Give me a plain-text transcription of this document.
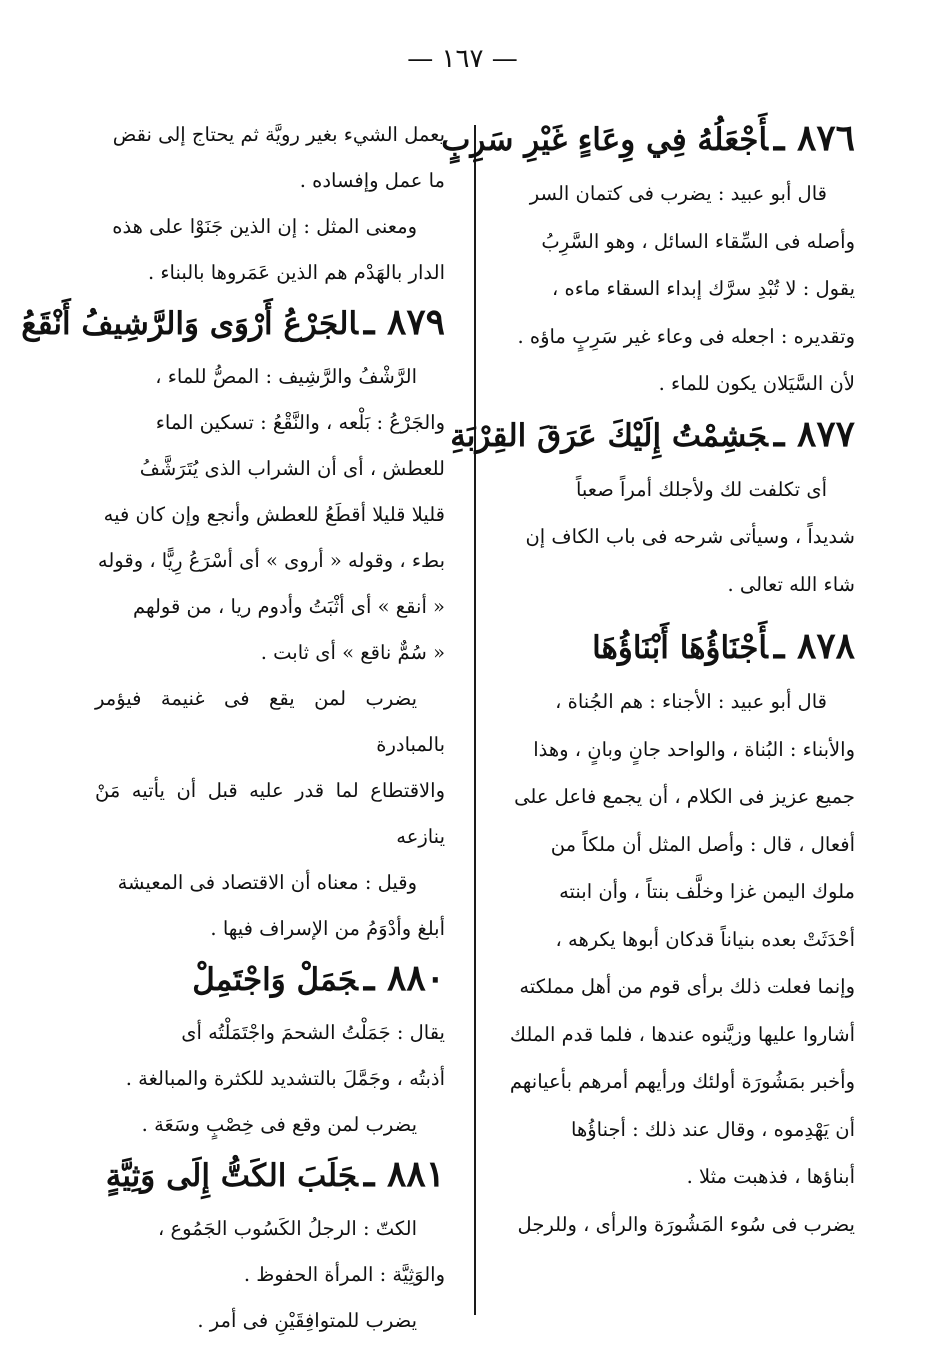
— ١٦٧ —
٨٧٦ ـأَجْعَلُهُ فِي وِعَاءٍ غَيْرِ سَرِبٍ

قال أبو عبيد : يضرب فى كتمان السر

وأصله فى السِّقاء السائل ، وهو السَّرِبُ

يقول : لا تُبْدِ سرَّك إبداء السقاء ماءه ،

وتقديره : اجعله فى وعاء غير سَرِبٍ ماؤه .

لأن السَّيَلان يكون للماء .

٨٧٧ ـجَشِمْتُ إِلَيْكَ عَرَقَ القِرْبَةِ

أى تكلفت لك ولأجلك أمراً صعباً

شديداً ، وسيأتى شرحه فى باب الكاف إن

شاء الله تعالى .

٨٧٨ ـأَجْنَاؤُهَا أَبْنَاؤُهَا

قال أبو عبيد : الأجناء : هم الجُناة ،

والأبناء : البُناة ، والواحد جانٍ وبانٍ ، وهذا

جميع عزيز فى الكلام ، أن يجمع فاعل على

أفعال ، قال : وأصل المثل أن ملكاً من

ملوك اليمن غزا وخلَّف بنتاً ، وأن ابنته

أحْدَثَتْ بعده بنياناً قدكان أبوها يكرهه ،

وإنما فعلت ذلك برأى قوم من أهل مملكته

أشاروا عليها وزيَّنوه عندها ، فلما قدم الملك

وأخبر بمَشُورَة أولئك ورأيهم أمرهم بأعيانهم

أن يَهْدِموه ، وقال عند ذلك : أجناؤُها

أبناؤها ، فذهبت مثلا .

يضرب فى سُوء المَشُورَة والرأى ، وللرجل

يعمل الشيء بغير رويَّة ثم يحتاج إلى نقض

ما عمل وإفساده .

ومعنى المثل : إن الذين جَنَوْا على هذه

الدار بالهَدْم هم الذين عَمَروها بالبناء .

٨٧٩ ـالجَرْعُ أَرْوَى وَالرَّشِيفُ أَنْقَعُ

الرَّشْفُ والرَّشِيف : المصُّ للماء ،

والجَرْعُ : بَلْعه ، والنَّقْعُ : تسكين الماء

للعطش ، أى أن الشراب الذى يُتَرَشَّفُ

قليلا قليلا أقطَعُ للعطش وأنجع وإن كان فيه

بطء ، وقوله « أروى » أى أسْرَعُ رِيًّا ، وقوله

« أنقع » أى أثْبَتُ وأدوم ريا ، من قولهم

« سُمٌّ ناقع » أى ثابت .

يضرب لمن يقع فى غنيمة فيؤمر بالمبادرة

والاقتطاع لما قدر عليه قبل أن يأتيه مَنْ ينازعه

وقيل : معناه أن الاقتصاد فى المعيشة

أبلغ وأدْوَمُ من الإسراف فيها .

٨٨٠ ـجَمَلْ وَاجْتَمِلْ

يقال : جَمَلْتُ الشحمَ واجْتَمَلْتُه أى

أذبتُه ، وجَمَّلَ بالتشديد للكثرة والمبالغة .

يضرب لمن وقع فى خِصْبٍ وسَعَة .

٨٨١ ـجَلَبَ الكَتُّ إِلَى وَثِيَّةٍ

الكتّ : الرجلُ الكَسُوب الجَمُوع ،

والوَثِيَّة : المرأة الحفوظ .

يضرب للمتوافِقَيْنِ فى أمر .
